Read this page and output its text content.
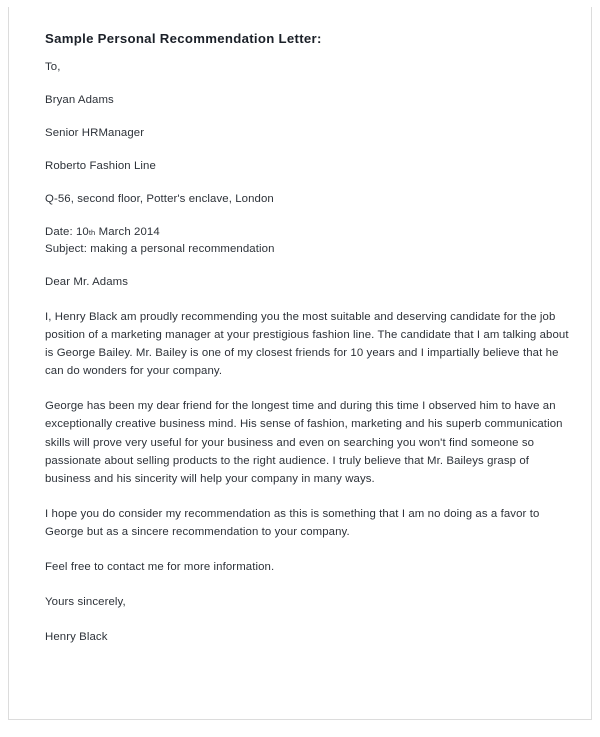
Sample Personal Recommendation Letter:
To,
Bryan Adams
Senior HRManager
Roberto Fashion Line
Q-56, second floor, Potter's enclave, London
Date: 10th March 2014
Subject: making a personal recommendation
Dear Mr. Adams

I, Henry Black am proudly recommending you the most suitable and deserving candidate for the job position of a marketing manager at your prestigious fashion line. The candidate that I am talking about is George Bailey. Mr. Bailey is one of my closest friends for 10 years and I impartially believe that he can do wonders for your company.

George has been my dear friend for the longest time and during this time I observed him to have an exceptionally creative business mind. His sense of fashion, marketing and his superb communication skills will prove very useful for your business and even on searching you won't find someone so passionate about selling products to the right audience. I truly believe that Mr. Baileys grasp of business and his sincerity will help your company in many ways.

I hope you do consider my recommendation as this is something that I am no doing as a favor to George but as a sincere recommendation to your company.

Feel free to contact me for more information.

Yours sincerely,

Henry Black
